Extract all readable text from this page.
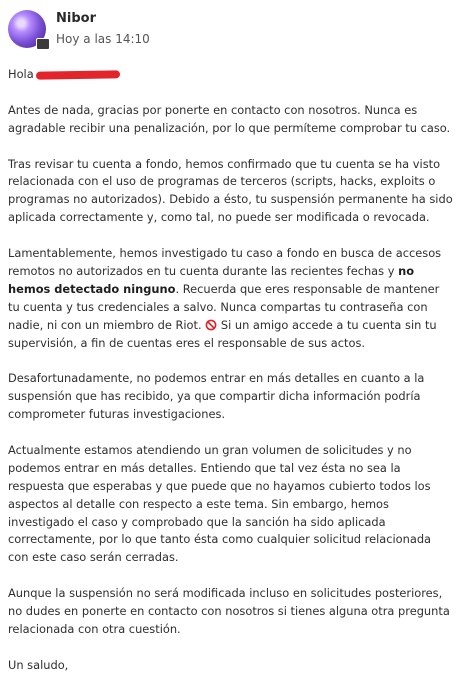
Nibor
Hoy a las 14:10

Hola

Antes de nada, gracias por ponerte en contacto con nosotros. Nunca es agradable recibir una penalización, por lo que permíteme comprobar tu caso.

Tras revisar tu cuenta a fondo, hemos confirmado que tu cuenta se ha visto relacionada con el uso de programas de terceros (scripts, hacks, exploits o programas no autorizados). Debido a ésto, tu suspensión permanente ha sido aplicada correctamente y, como tal, no puede ser modificada o revocada.

Lamentablemente, hemos investigado tu caso a fondo en busca de accesos remotos no autorizados en tu cuenta durante las recientes fechas y no hemos detectado ninguno. Recuerda que eres responsable de mantener tu cuenta y tus credenciales a salvo. Nunca compartas tu contraseña con nadie, ni con un miembro de Riot.  Si un amigo accede a tu cuenta sin tu supervisión, a fin de cuentas eres el responsable de sus actos.

Desafortunadamente, no podemos entrar en más detalles en cuanto a la suspensión que has recibido, ya que compartir dicha información podría comprometer futuras investigaciones.

Actualmente estamos atendiendo un gran volumen de solicitudes y no podemos entrar en más detalles. Entiendo que tal vez ésta no sea la respuesta que esperabas y que puede que no hayamos cubierto todos los aspectos al detalle con respecto a este tema. Sin embargo, hemos investigado el caso y comprobado que la sanción ha sido aplicada correctamente, por lo que tanto ésta como cualquier solicitud relacionada con este caso serán cerradas.

Aunque la suspensión no será modificada incluso en solicitudes posteriores, no dudes en ponerte en contacto con nosotros si tienes alguna otra pregunta relacionada con otra cuestión.

Un saludo,
